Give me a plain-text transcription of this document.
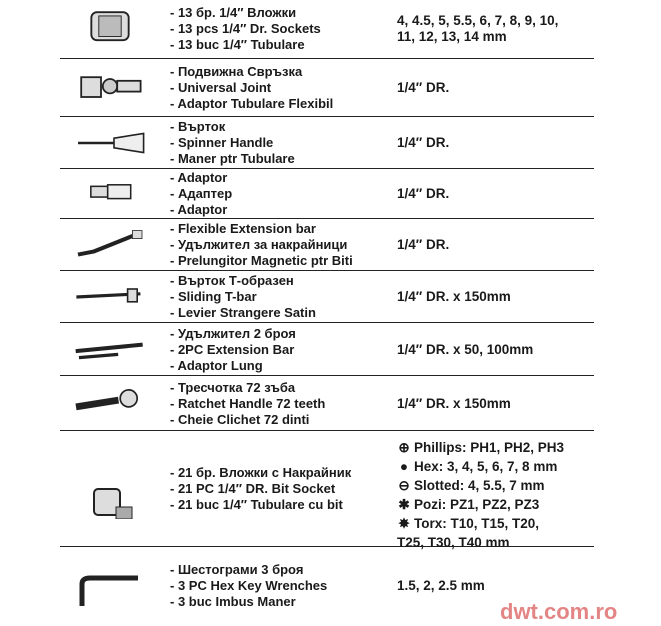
- 13 бр. 1/4″ Вложки
- 13 pcs 1/4″ Dr. Sockets
- 13 buc 1/4″ Tubulare
4, 4.5, 5, 5.5, 6, 7, 8, 9, 10,
11, 12, 13, 14 mm
- Подвижна Свръзка
- Universal Joint
- Adaptor Tubulare Flexibil
1/4″ DR.
- Върток
- Spinner Handle
- Maner ptr Tubulare
1/4″ DR.
- Adaptor
- Адаптер
- Adaptor
1/4″ DR.
- Flexible Extension bar
- Удължител за накрайници
- Prelungitor Magnetic ptr Biti
1/4″ DR.
- Върток Т-образен
- Sliding T-bar
- Levier Strangere Satin
1/4″ DR. x 150mm
- Удължител 2 броя
- 2PC Extension Bar
- Adaptor Lung
1/4″ DR. x 50, 100mm
- Тресчотка 72 зъба
- Ratchet Handle 72 teeth
- Cheie Clichet 72 dinti
1/4″ DR. x 150mm
- 21 бр. Вложки с Накрайник
- 21 PC 1/4″ DR. Bit Socket
- 21 buc 1/4″ Tubulare cu bit
⊕ Phillips: PH1, PH2, PH3
● Hex: 3, 4, 5, 6, 7, 8 mm
⊖ Slotted: 4, 5.5, 7 mm
✱ Pozi: PZ1, PZ2, PZ3
✸ Torx: T10, T15, T20,
T25, T30, T40 mm
- Шестограми 3 броя
- 3 PC Hex Key Wrenches
- 3 buc Imbus Maner
1.5, 2, 2.5 mm
dwt.com.ro
